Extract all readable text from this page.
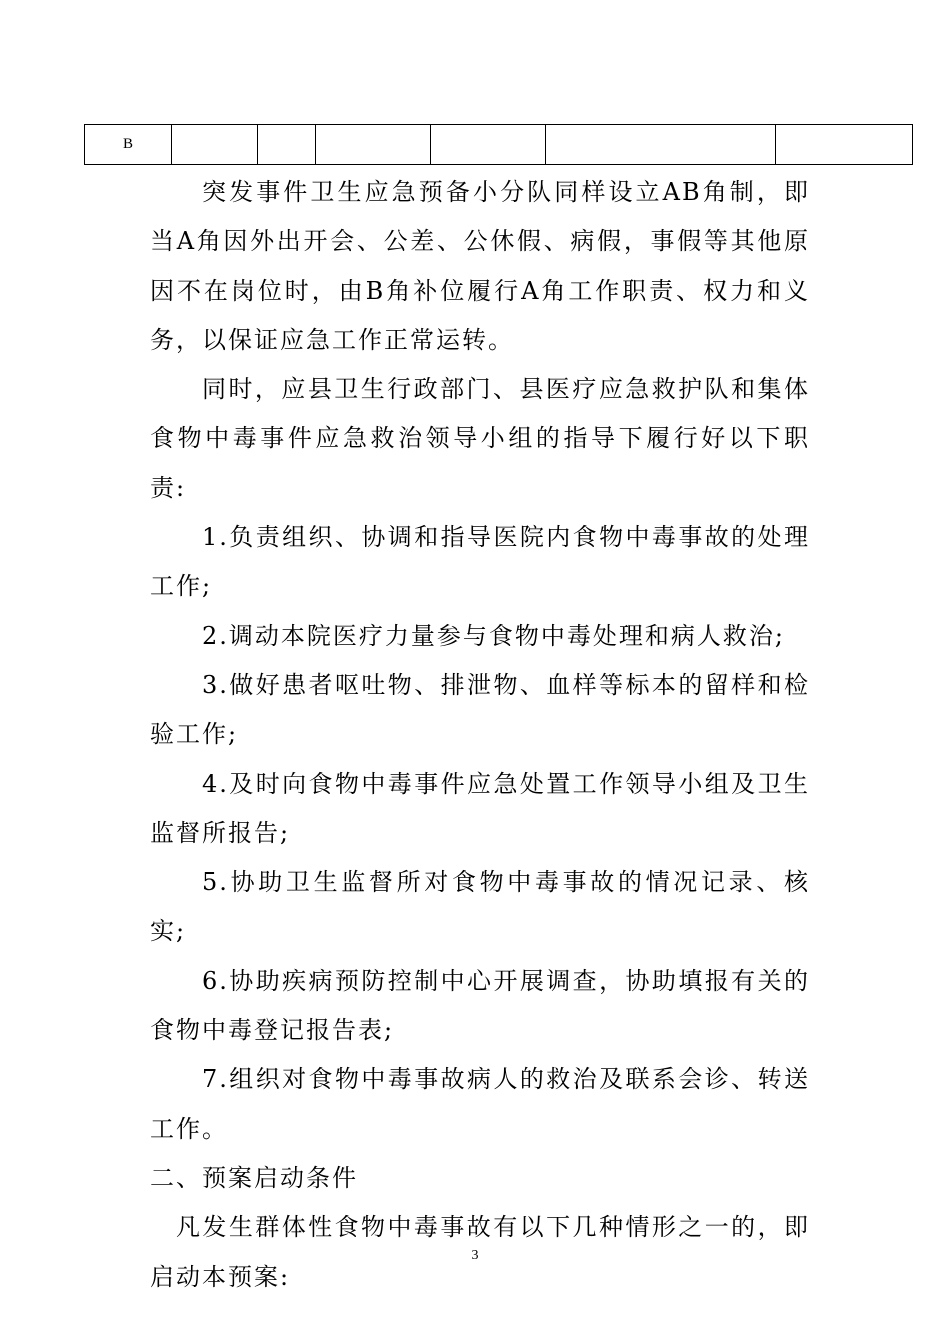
B						

突发事件卫生应急预备小分队同样设立AB角制，即当A角因外出开会、公差、公休假、病假，事假等其他原因不在岗位时，由B角补位履行A角工作职责、权力和义务，以保证应急工作正常运转。

同时，应县卫生行政部门、县医疗应急救护队和集体食物中毒事件应急救治领导小组的指导下履行好以下职责:

1.负责组织、协调和指导医院内食物中毒事故的处理工作;

2.调动本院医疗力量参与食物中毒处理和病人救治;

3.做好患者呕吐物、排泄物、血样等标本的留样和检验工作;

4.及时向食物中毒事件应急处置工作领导小组及卫生监督所报告;

5.协助卫生监督所对食物中毒事故的情况记录、核实;

6.协助疾病预防控制中心开展调查，协助填报有关的食物中毒登记报告表;

7.组织对食物中毒事故病人的救治及联系会诊、转送工作。

二、预案启动条件

凡发生群体性食物中毒事故有以下几种情形之一的，即启动本预案:

3
